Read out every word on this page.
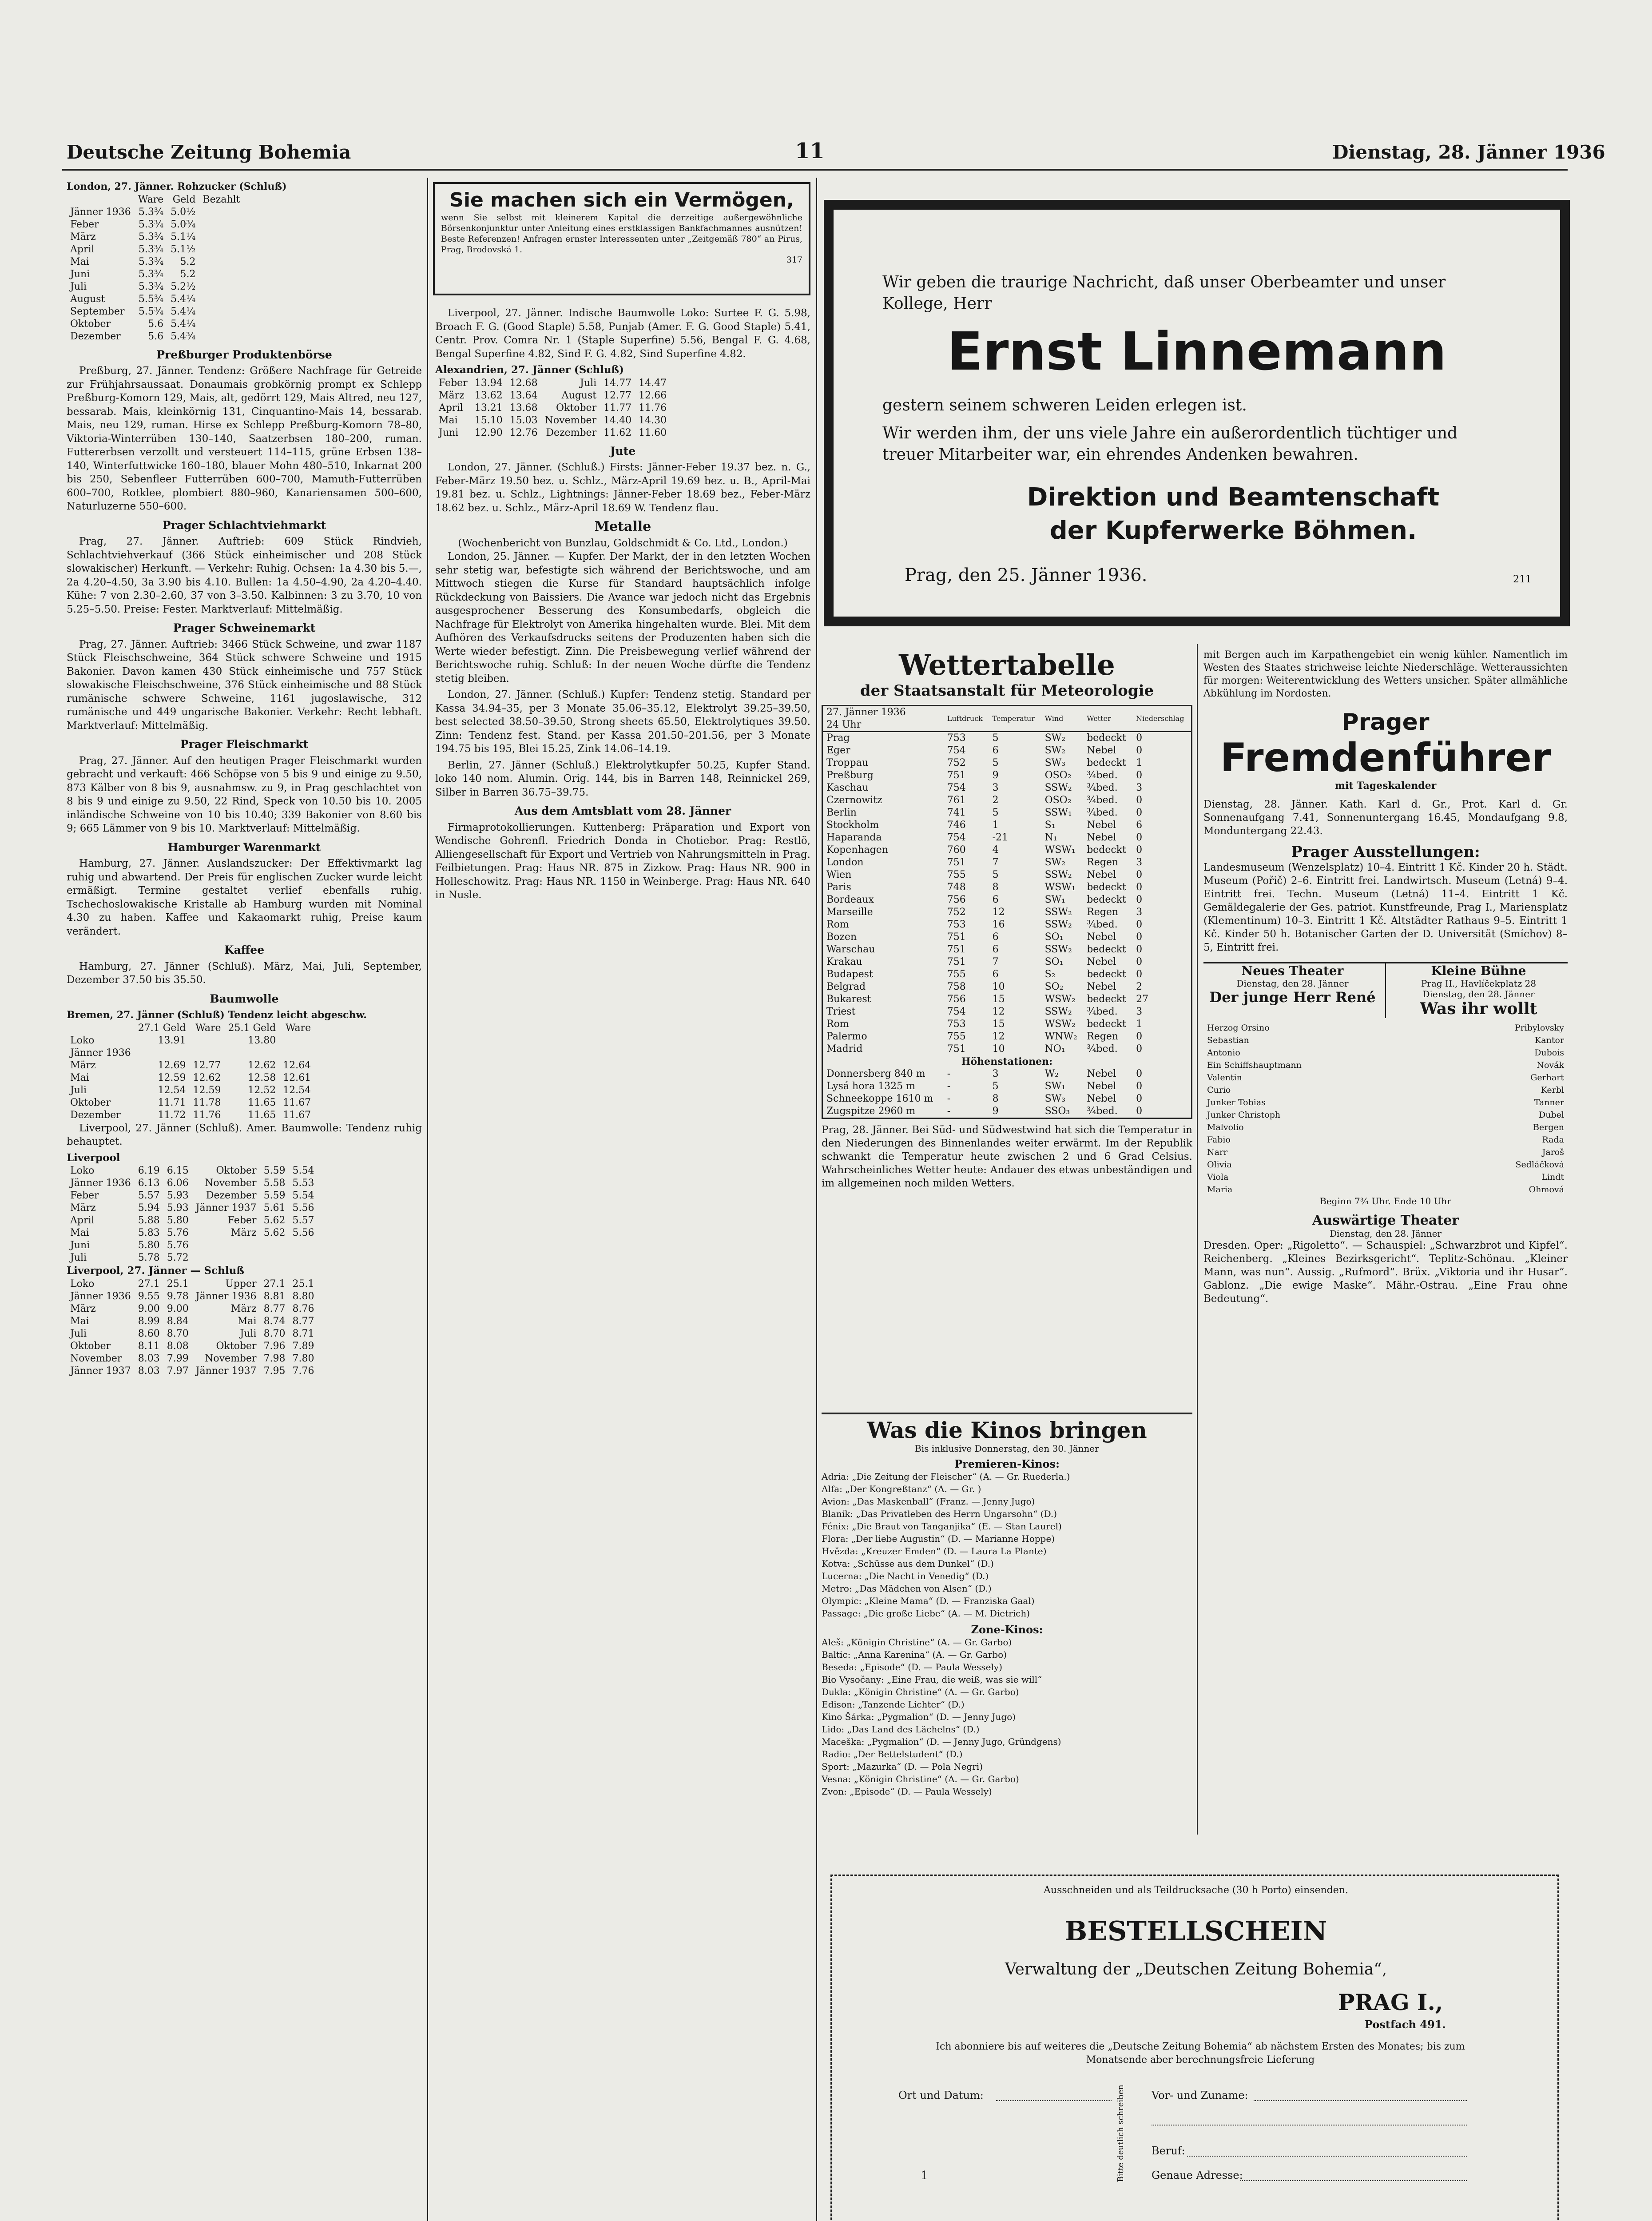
Deutsche Zeitung Bohemia	11	Dienstag, 28. Jänner 1936
London, 27. Jänner. Rohzucker (Schluß)
	Ware	Geld	Bezahlt
Jänner 1936	5.3¾	5.0½	
Feber	5.3¾	5.0¾	
März	5.3¾	5.1¼	
April	5.3¾	5.1½	
Mai	5.3¾	5.2	
Juni	5.3¾	5.2	
Juli	5.3¾	5.2½	
August	5.5¾	5.4¼	
September	5.5¾	5.4¼	
Oktober	5.6	5.4¼	
Dezember	5.6	5.4¾	
Preßburger Produktenbörse

Preßburg, 27. Jänner. Tendenz: Größere Nachfrage für Getreide zur Frühjahrsaussaat. Donaumais grobkörnig prompt ex Schlepp Preßburg-Komorn 129, Mais, alt, gedörrt 129, Mais Altred, neu 127, bessarab. Mais, kleinkörnig 131, Cinquantino-Mais 14, bessarab. Mais, neu 129, ruman. Hirse ex Schlepp Preßburg-Komorn 78–80, Viktoria-Winterrüben 130–140, Saatzerbsen 180–200, ruman. Futtererbsen verzollt und versteuert 114–115, grüne Erbsen 138–140, Winterfuttwicke 160–180, blauer Mohn 480–510, Inkarnat 200 bis 250, Sebenfleer Futterrüben 600–700, Mamuth-Futterrüben 600–700, Rotklee, plombiert 880–960, Kanariensamen 500–600, Naturluzerne 550–600.

Prager Schlachtviehmarkt

Prag, 27. Jänner. Auftrieb: 609 Stück Rindvieh, Schlachtviehverkauf (366 Stück einheimischer und 208 Stück slowakischer) Herkunft. — Verkehr: Ruhig. Ochsen: 1a 4.30 bis 5.—, 2a 4.20–4.50, 3a 3.90 bis 4.10. Bullen: 1a 4.50–4.90, 2a 4.20–4.40. Kühe: 7 von 2.30–2.60, 37 von 3–3.50. Kalbinnen: 3 zu 3.70, 10 von 5.25–5.50. Preise: Fester. Marktverlauf: Mittelmäßig.

Prager Schweinemarkt

Prag, 27. Jänner. Auftrieb: 3466 Stück Schweine, und zwar 1187 Stück Fleischschweine, 364 Stück schwere Schweine und 1915 Bakonier. Davon kamen 430 Stück einheimische und 757 Stück slowakische Fleischschweine, 376 Stück einheimische und 88 Stück rumänische schwere Schweine, 1161 jugoslawische, 312 rumänische und 449 ungarische Bakonier. Verkehr: Recht lebhaft. Marktverlauf: Mittelmäßig.

Prager Fleischmarkt

Prag, 27. Jänner. Auf den heutigen Prager Fleischmarkt wurden gebracht und verkauft: 466 Schöpse von 5 bis 9 und einige zu 9.50, 873 Kälber von 8 bis 9, ausnahmsw. zu 9, in Prag geschlachtet von 8 bis 9 und einige zu 9.50, 22 Rind, Speck von 10.50 bis 10. 2005 inländische Schweine von 10 bis 10.40; 339 Bakonier von 8.60 bis 9; 665 Lämmer von 9 bis 10. Marktverlauf: Mittelmäßig.

Hamburger Warenmarkt

Hamburg, 27. Jänner. Auslandszucker: Der Effektivmarkt lag ruhig und abwartend. Der Preis für englischen Zucker wurde leicht ermäßigt. Termine gestaltet verlief ebenfalls ruhig. Tschechoslowakische Kristalle ab Hamburg wurden mit Nominal 4.30 zu haben. Kaffee und Kakaomarkt ruhig, Preise kaum verändert.

Kaffee

Hamburg, 27. Jänner (Schluß). März, Mai, Juli, September, Dezember 37.50 bis 35.50.

Baumwolle
Bremen, 27. Jänner (Schluß) Tendenz leicht abgeschw.
	27.1 Geld	Ware	25.1 Geld	Ware
Loko	13.91		13.80	
Jänner 1936				
März	12.69	12.77	12.62	12.64
Mai	12.59	12.62	12.58	12.61
Juli	12.54	12.59	12.52	12.54
Oktober	11.71	11.78	11.65	11.67
Dezember	11.72	11.76	11.65	11.67

Liverpool, 27. Jänner (Schluß). Amer. Baumwolle: Tendenz ruhig behauptet.

Liverpool
Loko	6.19	6.15	Oktober	5.59	5.54
Jänner 1936	6.13	6.06	November	5.58	5.53
Feber	5.57	5.93	Dezember	5.59	5.54
März	5.94	5.93	Jänner 1937	5.61	5.56
April	5.88	5.80	Feber	5.62	5.57
Mai	5.83	5.76	März	5.62	5.56
Juni	5.80	5.76			
Juli	5.78	5.72			
Liverpool, 27. Jänner — Schluß
Loko	27.1	25.1	Upper	27.1	25.1
Jänner 1936	9.55	9.78	Jänner 1936	8.81	8.80
März	9.00	9.00	März	8.77	8.76
Mai	8.99	8.84	Mai	8.74	8.77
Juli	8.60	8.70	Juli	8.70	8.71
Oktober	8.11	8.08	Oktober	7.96	7.89
November	8.03	7.99	November	7.98	7.80
Jänner 1937	8.03	7.97	Jänner 1937	7.95	7.76
Sie machen sich ein Vermögen,
wenn Sie selbst mit kleinerem Kapital die derzeitige außergewöhnliche Börsenkonjunktur unter Anleitung eines erstklassigen Bankfachmannes ausnützen! Beste Referenzen! Anfragen ernster Interessenten unter „Zeitgemäß 780“ an Pirus, Prag, Brodovská 1.
317

Liverpool, 27. Jänner. Indische Baumwolle Loko: Surtee F. G. 5.98, Broach F. G. (Good Staple) 5.58, Punjab (Amer. F. G. Good Staple) 5.41, Centr. Prov. Comra Nr. 1 (Staple Superfine) 5.56, Bengal F. G. 4.68, Bengal Superfine 4.82, Sind F. G. 4.82, Sind Superfine 4.82.

Alexandrien, 27. Jänner (Schluß)
Feber	13.94	12.68	Juli	14.77	14.47
März	13.62	13.64	August	12.77	12.66
April	13.21	13.68	Oktober	11.77	11.76
Mai	15.10	15.03	November	14.40	14.30
Juni	12.90	12.76	Dezember	11.62	11.60
Jute

London, 27. Jänner. (Schluß.) Firsts: Jänner-Feber 19.37 bez. n. G., Feber-März 19.50 bez. u. Schlz., März-April 19.69 bez. u. B., April-Mai 19.81 bez. u. Schlz., Lightnings: Jänner-Feber 18.69 bez., Feber-März 18.62 bez. u. Schlz., März-April 18.69 W. Tendenz flau.

Metalle
(Wochenbericht von Bunzlau, Goldschmidt & Co. Ltd., London.)

London, 25. Jänner. — Kupfer. Der Markt, der in den letzten Wochen sehr stetig war, befestigte sich während der Berichtswoche, und am Mittwoch stiegen die Kurse für Standard hauptsächlich infolge Rückdeckung von Baissiers. Die Avance war jedoch nicht das Ergebnis ausgesprochener Besserung des Konsumbedarfs, obgleich die Nachfrage für Elektrolyt von Amerika hingehalten wurde. Blei. Mit dem Aufhören des Verkaufsdrucks seitens der Produzenten haben sich die Werte wieder befestigt. Zinn. Die Preisbewegung verlief während der Berichtswoche ruhig. Schluß: In der neuen Woche dürfte die Tendenz stetig bleiben.

London, 27. Jänner. (Schluß.) Kupfer: Tendenz stetig. Standard per Kassa 34.94–35, per 3 Monate 35.06–35.12, Elektrolyt 39.25–39.50, best selected 38.50–39.50, Strong sheets 65.50, Elektrolytiques 39.50. Zinn: Tendenz fest. Stand. per Kassa 201.50–201.56, per 3 Monate 194.75 bis 195, Blei 15.25, Zink 14.06–14.19.

Berlin, 27. Jänner (Schluß.) Elektrolytkupfer 50.25, Kupfer Stand. loko 140 nom. Alumin. Orig. 144, bis in Barren 148, Reinnickel 269, Silber in Barren 36.75–39.75.

Aus dem Amtsblatt vom 28. Jänner

Firmaprotokollierungen. Kuttenberg: Präparation und Export von Wendische Gohrenfl. Friedrich Donda in Chotiebor. Prag: Restlö, Alliengesellschaft für Export und Vertrieb von Nahrungsmitteln in Prag. Feilbietungen. Prag: Haus NR. 875 in Zizkow. Prag: Haus NR. 900 in Holleschowitz. Prag: Haus NR. 1150 in Weinberge. Prag: Haus NR. 640 in Nusle.

Wir geben die traurige Nachricht, daß unser Oberbeamter und unser Kollege, Herr
Ernst Linnemann
gestern seinem schweren Leiden erlegen ist.
Wir werden ihm, der uns viele Jahre ein außerordentlich tüchtiger und treuer Mitarbeiter war, ein ehrendes Andenken bewahren.
Direktion und Beamtenschaft
der Kupferwerke Böhmen.
Prag, den 25. Jänner 1936.	211
Wettertabelle
der Staatsanstalt für Meteorologie
27. Jänner 1936
24 Uhr	Luftdruck	Temperatur	Wind	Wetter	Niederschlag
Prag	753	5	SW₂	bedeckt	0
Eger	754	6	SW₂	Nebel	0
Troppau	752	5	SW₃	bedeckt	1
Preßburg	751	9	OSO₂	¾bed.	0
Kaschau	754	3	SSW₂	¾bed.	3
Czernowitz	761	2	OSO₂	¾bed.	0
Berlin	741	5	SSW₁	¾bed.	0
Stockholm	746	1	S₁	Nebel	6
Haparanda	754	-21	N₁	Nebel	0
Kopenhagen	760	4	WSW₁	bedeckt	0
London	751	7	SW₂	Regen	3
Wien	755	5	SSW₂	Nebel	0
Paris	748	8	WSW₁	bedeckt	0
Bordeaux	756	6	SW₁	bedeckt	0
Marseille	752	12	SSW₂	Regen	3
Rom	753	16	SSW₂	¾bed.	0
Bozen	751	6	SO₁	Nebel	0
Warschau	751	6	SSW₂	bedeckt	0
Krakau	751	7	SO₁	Nebel	0
Budapest	755	6	S₂	bedeckt	0
Belgrad	758	10	SO₂	Nebel	2
Bukarest	756	15	WSW₂	bedeckt	27
Triest	754	12	SSW₂	¾bed.	3
Rom	753	15	WSW₂	bedeckt	1
Palermo	755	12	WNW₂	Regen	0
Madrid	751	10	NO₁	¾bed.	0
Höhenstationen:					
Donnersberg 840 m	-	3	W₂	Nebel	0
Lysá hora 1325 m	-	5	SW₁	Nebel	0
Schneekoppe 1610 m	-	8	SW₃	Nebel	0
Zugspitze 2960 m	-	9	SSO₃	¾bed.	0
Prag, 28. Jänner. Bei Süd- und Südwestwind hat sich die Temperatur in den Niederungen des Binnenlandes weiter erwärmt. Im der Republik schwankt die Temperatur heute zwischen 2 und 6 Grad Celsius. Wahrscheinliches Wetter heute: Andauer des etwas unbeständigen und im allgemeinen noch milden Wetters.
Was die Kinos bringen
Bis inklusive Donnerstag, den 30. Jänner
Premieren-Kinos:
Adria: „Die Zeitung der Fleischer“ (A. — Gr. Ruederla.)
Alfa: „Der Kongreßtanz“ (A. — Gr. )
Avion: „Das Maskenball“ (Franz. — Jenny Jugo)
Blaník: „Das Privatleben des Herrn Ungarsohn“ (D.)
Fénix: „Die Braut von Tanganjika“ (E. — Stan Laurel)
Flora: „Der liebe Augustin“ (D. — Marianne Hoppe)
Hvězda: „Kreuzer Emden“ (D. — Laura La Plante)
Kotva: „Schüsse aus dem Dunkel“ (D.)
Lucerna: „Die Nacht in Venedig“ (D.)
Metro: „Das Mädchen von Alsen“ (D.)
Olympic: „Kleine Mama“ (D. — Franziska Gaal)
Passage: „Die große Liebe“ (A. — M. Dietrich)
Zone-Kinos:
Aleš: „Königin Christine“ (A. — Gr. Garbo)
Baltic: „Anna Karenina“ (A. — Gr. Garbo)
Beseda: „Episode“ (D. — Paula Wessely)
Bio Vysočany: „Eine Frau, die weiß, was sie will“
Dukla: „Königin Christine“ (A. — Gr. Garbo)
Edison: „Tanzende Lichter“ (D.)
Kino Šárka: „Pygmalion“ (D. — Jenny Jugo)
Lido: „Das Land des Lächelns“ (D.)
Maceška: „Pygmalion“ (D. — Jenny Jugo, Gründgens)
Radio: „Der Bettelstudent“ (D.)
Sport: „Mazurka“ (D. — Pola Negri)
Vesna: „Königin Christine“ (A. — Gr. Garbo)
Zvon: „Episode“ (D. — Paula Wessely)
mit Bergen auch im Karpathengebiet ein wenig kühler. Namentlich im Westen des Staates strichweise leichte Niederschläge. Wetteraussichten für morgen: Weiterentwicklung des Wetters unsicher. Später allmähliche Abkühlung im Nordosten.
Prager
Fremdenführer
mit Tageskalender
Dienstag, 28. Jänner. Kath. Karl d. Gr., Prot. Karl d. Gr. Sonnenaufgang 7.41, Sonnenuntergang 16.45, Mondaufgang 9.8, Monduntergang 22.43.
Prager Ausstellungen:
Landesmuseum (Wenzelsplatz) 10–4. Eintritt 1 Kč. Kinder 20 h. Städt. Museum (Pořič) 2–6. Eintritt frei. Landwirtsch. Museum (Letná) 9–4. Eintritt frei. Techn. Museum (Letná) 11–4. Eintritt 1 Kč. Gemäldegalerie der Ges. patriot. Kunstfreunde, Prag I., Mariensplatz (Klementinum) 10–3. Eintritt 1 Kč. Altstädter Rathaus 9–5. Eintritt 1 Kč. Kinder 50 h. Botanischer Garten der D. Universität (Smíchov) 8–5, Eintritt frei.
Neues Theater
Dienstag, den 28. Jänner
Der junge Herr René
Kleine Bühne
Prag II., Havlíčekplatz 28
Dienstag, den 28. Jänner
Was ihr wollt
Herzog Orsino	Pribylovsky
Sebastian	Kantor
Antonio	Dubois
Ein Schiffshauptmann	Novák
Valentin	Gerhart
Curio	Kerbl
Junker Tobias	Tanner
Junker Christoph	Dubel
Malvolio	Bergen
Fabio	Rada
Narr	Jaroš
Olivia	Sedláčková
Viola	Lindt
Maria	Ohmová
Beginn 7¾ Uhr. Ende 10 Uhr
Auswärtige Theater
Dienstag, den 28. Jänner
Dresden. Oper: „Rigoletto“. — Schauspiel: „Schwarzbrot und Kipfel“. Reichenberg. „Kleines Bezirksgericht“. Teplitz-Schönau. „Kleiner Mann, was nun“. Aussig. „Rufmord“. Brüx. „Viktoria und ihr Husar“. Gablonz. „Die ewige Maske“. Mähr.-Ostrau. „Eine Frau ohne Bedeutung“.
Ausschneiden und als Teildrucksache (30 h Porto) einsenden.
BESTELLSCHEIN
Verwaltung der „Deutschen Zeitung Bohemia“,
PRAG I.,
Postfach 491.
Ich abonniere bis auf weiteres die „Deutsche Zeitung Bohemia“ ab nächstem Ersten des Monates; bis zum Monatsende aber berechnungsfreie Lieferung
Ort und Datum:	Bitte deutlich schreiben Vor- und Zuname:
Beruf:
Genaue Adresse:
1
